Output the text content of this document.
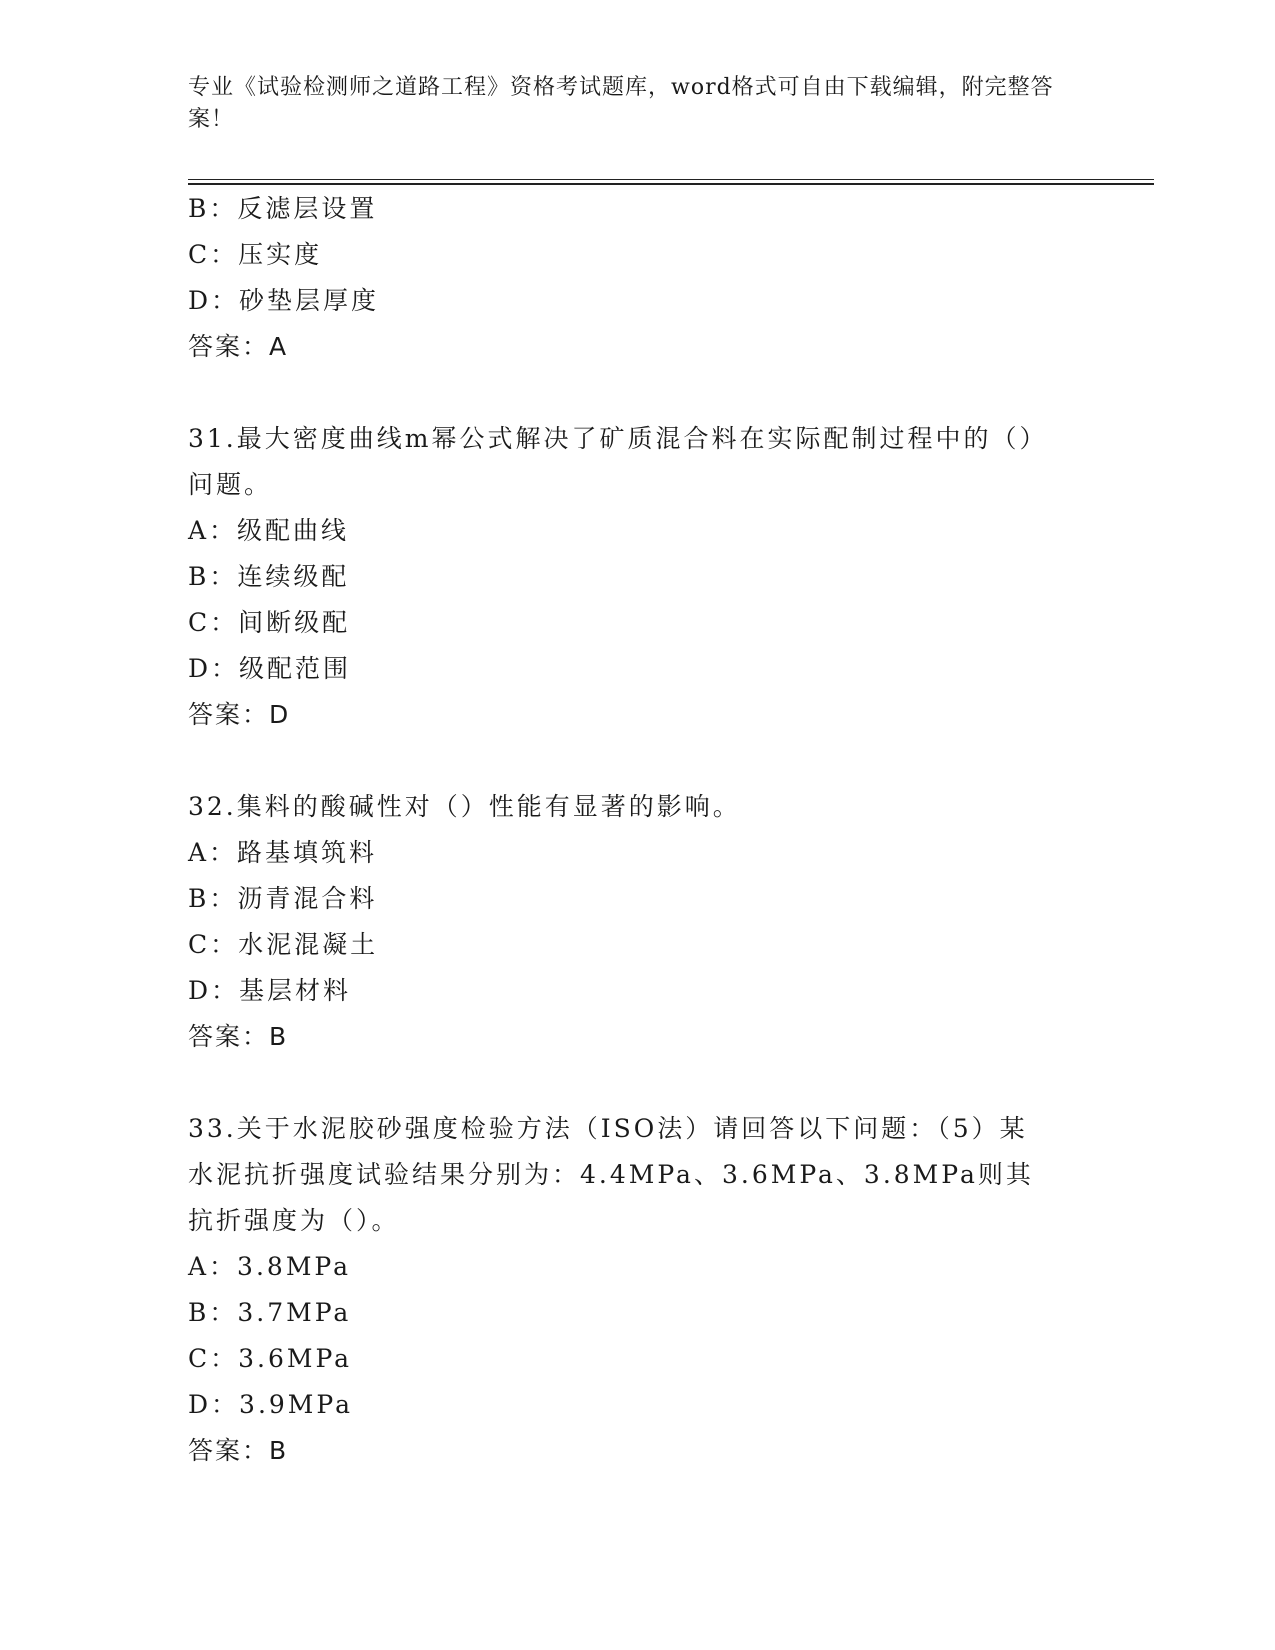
专业《试验检测师之道路工程》资格考试题库，word格式可自由下载编辑，附完整答案！
B：反滤层设置
C：压实度
D：砂垫层厚度
答案：A
31.最大密度曲线m幂公式解决了矿质混合料在实际配制过程中的（）问题。
A：级配曲线
B：连续级配
C：间断级配
D：级配范围
答案：D
32.集料的酸碱性对（）性能有显著的影响。
A：路基填筑料
B：沥青混合料
C：水泥混凝土
D：基层材料
答案：B
33.关于水泥胶砂强度检验方法（ISO法）请回答以下问题：（5）某水泥抗折强度试验结果分别为：4.4MPa、3.6MPa、3.8MPa则其抗折强度为（）。
A：3.8MPa
B：3.7MPa
C：3.6MPa
D：3.9MPa
答案：B
